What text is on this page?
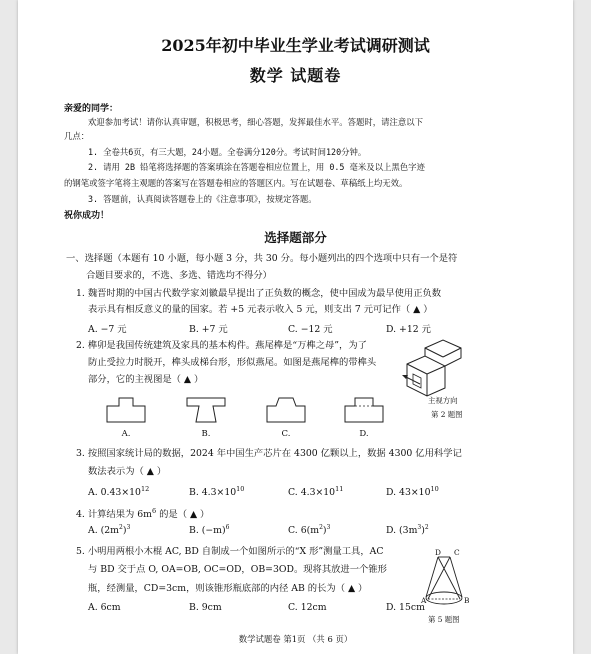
2025年初中毕业生学业考试调研测试
数学 试题卷
亲爱的同学：
欢迎参加考试！请你认真审题，积极思考，细心答题，发挥最佳水平。答题时，请注意以下
几点：
1. 全卷共6页，有三大题，24小题。全卷满分120分。考试时间120分钟。
2. 请用 2B 铅笔将选择题的答案填涂在答题卷相应位置上，用 0.5 毫米及以上黑色字迹
的钢笔或签字笔将主观题的答案写在答题卷相应的答题区内。写在试题卷、草稿纸上均无效。
3. 答题前，认真阅读答题卷上的《注意事项》，按规定答题。
祝你成功！
选择题部分
一、选择题（本题有 10 小题，每小题 3 分，共 30 分。每小题列出的四个选项中只有一个是符
合题目要求的，不选、多选、错选均不得分）
1. 魏晋时期的中国古代数学家刘徽最早提出了正负数的概念，使中国成为最早使用正负数
表示具有相反意义的量的国家。若 +5 元表示收入 5 元，则支出 7 元可记作（ ▲ ）
A. −7 元	B. +7 元	C. −12 元	D. +12 元
2. 榫卯是我国传统建筑及家具的基本构件。燕尾榫是“万榫之母”，为了
防止受拉力时脱开，榫头成梯台形，形似燕尾。如图是燕尾榫的带榫头
部分，它的主视图是（ ▲ ）
A.	B.	C.	D.
主视方向
第 2 题图
3. 按照国家统计局的数据，2024 年中国生产芯片在 4300 亿颗以上，数据 4300 亿用科学记
数法表示为（ ▲ ）
A. $0.43\times 10^{12}$	B. $4.3\times 10^{10}$	C. $4.3\times 10^{11}$	D. $43\times 10^{10}$
4. 计算结果为 $6m^6$ 的是（ ▲ ）
A. $(2m^2)^3$	B. $(-m)^6$	C. $6(m^2)^3$	D. $(3m^3)^2$
5. 小明用两根小木棍 AC, BD 自制成一个如图所示的“X 形”测量工具，AC
与 BD 交于点 O, OA=OB, OC=OD，OB=3OD。现将其放进一个锥形
瓶，经测量，CD=3cm，则该锥形瓶底部的内径 AB 的长为（ ▲ ）
A. 6cm	B. 9cm	C. 12cm	D. 15cm
D C
A	B
第 5 题图
数学试题卷 第1页 （共 6 页）
